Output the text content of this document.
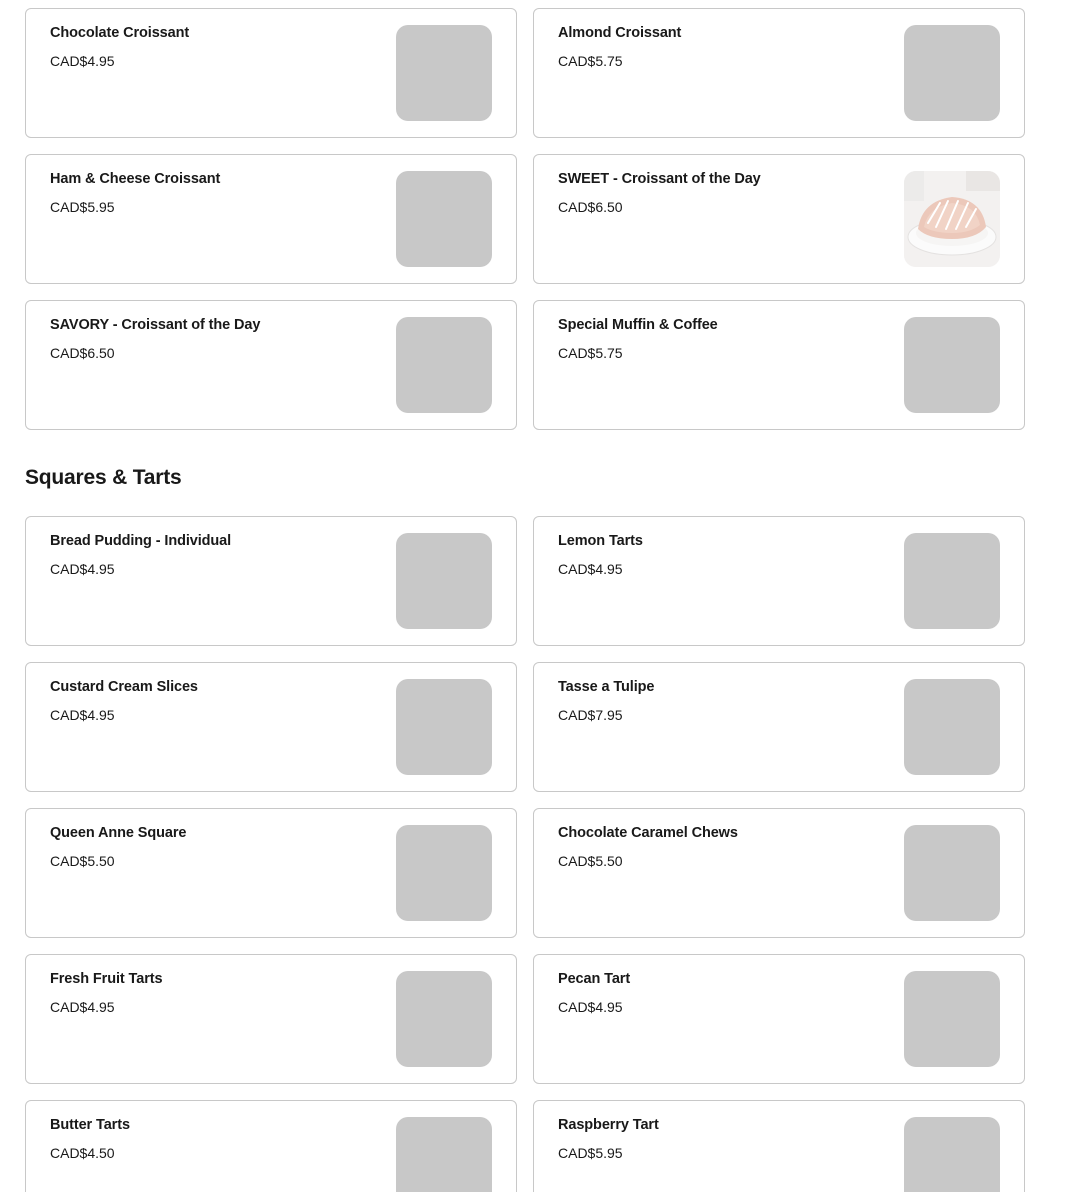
Chocolate Croissant
CAD$4.95
Almond Croissant
CAD$5.75
Ham & Cheese Croissant
CAD$5.95
SWEET - Croissant of the Day
CAD$6.50
SAVORY - Croissant of the Day
CAD$6.50
Special Muffin & Coffee
CAD$5.75
Squares & Tarts
Bread Pudding - Individual
CAD$4.95
Lemon Tarts
CAD$4.95
Custard Cream Slices
CAD$4.95
Tasse a Tulipe
CAD$7.95
Queen Anne Square
CAD$5.50
Chocolate Caramel Chews
CAD$5.50
Fresh Fruit Tarts
CAD$4.95
Pecan Tart
CAD$4.95
Butter Tarts
CAD$4.50
Raspberry Tart
CAD$5.95
